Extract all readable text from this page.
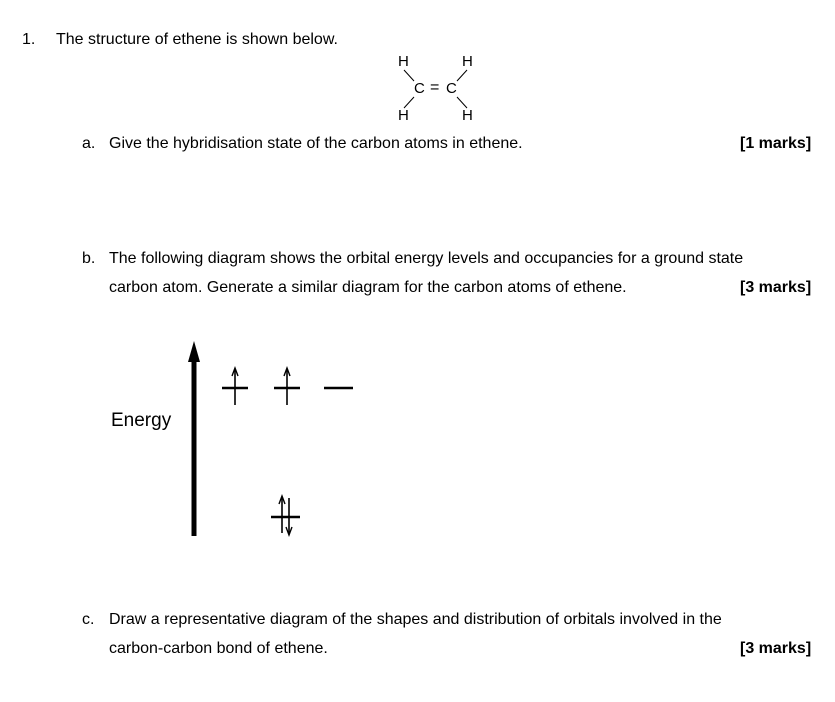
1. The structure of ethene is shown below.
H	H
C = C
H	H
a. Give the hybridisation state of the carbon atoms in ethene.	[1 marks]
b. The following diagram shows the orbital energy levels and occupancies for a ground state
carbon atom. Generate a similar diagram for the carbon atoms of ethene.	[3 marks]
Energy
c. Draw a representative diagram of the shapes and distribution of orbitals involved in the
carbon-carbon bond of ethene.	[3 marks]
